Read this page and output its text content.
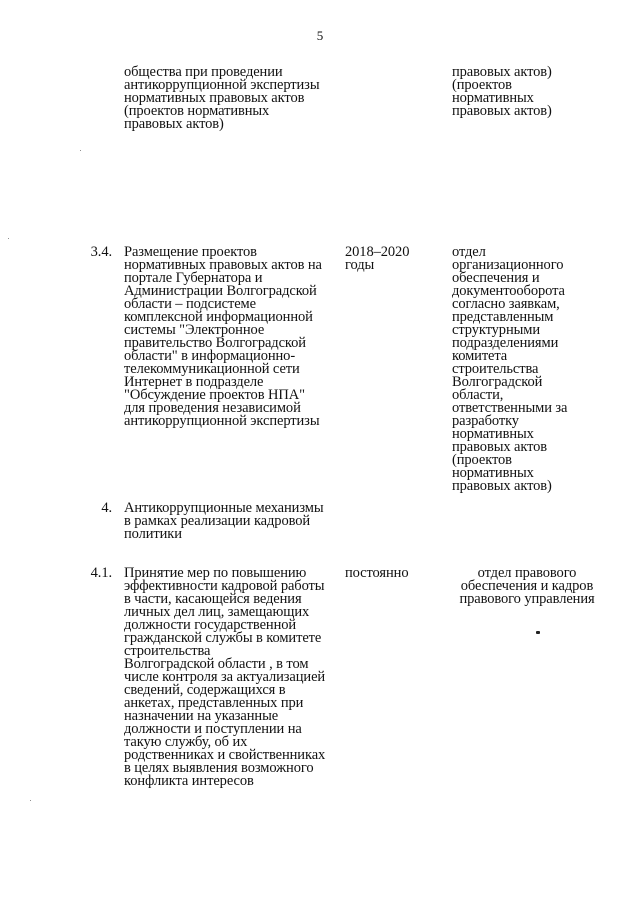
5
общества при проведении
антикоррупционной экспертизы
нормативных правовых актов
(проектов нормативных
правовых актов)
правовых актов)
(проектов
нормативных
правовых актов)
3.4. Размещение проектов
нормативных правовых актов на
портале Губернатора и
Администрации Волгоградской
области – подсистеме
комплексной информационной
системы "Электронное
правительство Волгоградской
области" в информационно-
телекоммуникационной сети
Интернет в подразделе
"Обсуждение проектов НПА"
для проведения независимой
антикоррупционной экспертизы
2018–2020
годы
отдел
организационного
обеспечения и
документооборота
согласно заявкам,
представленным
структурными
подразделениями
комитета
строительства
Волгоградской
области,
ответственными за
разработку
нормативных
правовых актов
(проектов
нормативных
правовых актов)
4. Антикоррупционные механизмы
в рамках реализации кадровой
политики
4.1. Принятие мер по повышению
эффективности кадровой работы
в части, касающейся ведения
личных дел лиц, замещающих
должности государственной
гражданской службы в комитете
строительства
Волгоградской области , в том
числе контроля за актуализацией
сведений, содержащихся в
анкетах, представленных при
назначении на указанные
должности и поступлении на
такую службу, об их
родственниках и свойственниках
в целях выявления возможного
конфликта интересов
постоянно	отдел правового
обеспечения и кадров
правового управления
